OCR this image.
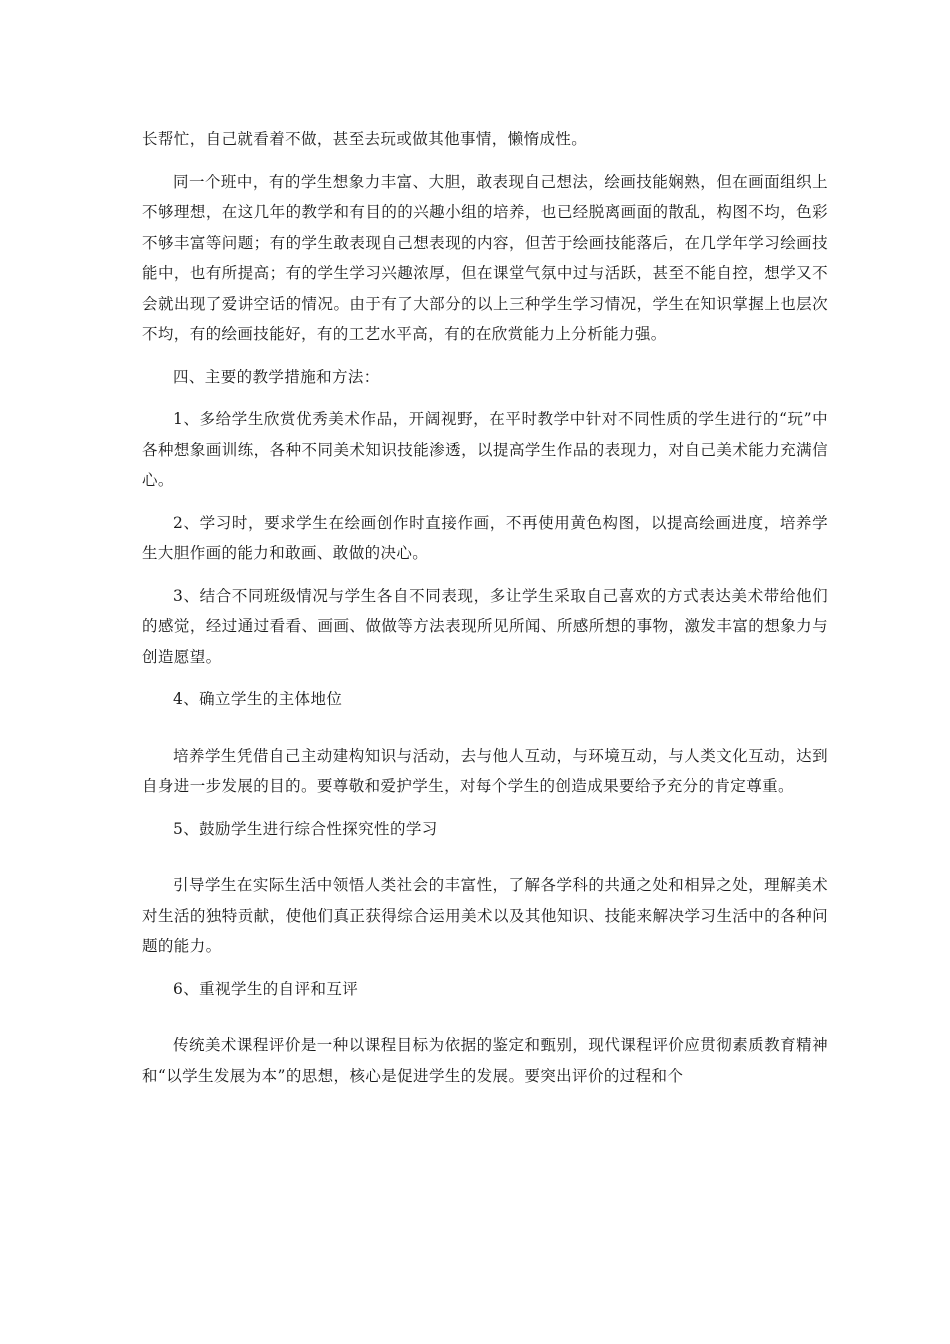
长帮忙，自己就看着不做，甚至去玩或做其他事情，懒惰成性。

同一个班中，有的学生想象力丰富、大胆，敢表现自己想法，绘画技能娴熟，但在画面组织上不够理想，在这几年的教学和有目的的兴趣小组的培养，也已经脱离画面的散乱，构图不均，色彩不够丰富等问题；有的学生敢表现自己想表现的内容，但苦于绘画技能落后，在几学年学习绘画技能中，也有所提高；有的学生学习兴趣浓厚，但在课堂气氛中过与活跃，甚至不能自控，想学又不会就出现了爱讲空话的情况。由于有了大部分的以上三种学生学习情况，学生在知识掌握上也层次不均，有的绘画技能好，有的工艺水平高，有的在欣赏能力上分析能力强。

四、主要的教学措施和方法：

1、多给学生欣赏优秀美术作品，开阔视野，在平时教学中针对不同性质的学生进行的“玩”中各种想象画训练，各种不同美术知识技能渗透，以提高学生作品的表现力，对自己美术能力充满信心。

2、学习时，要求学生在绘画创作时直接作画，不再使用黄色构图，以提高绘画进度，培养学生大胆作画的能力和敢画、敢做的决心。

3、结合不同班级情况与学生各自不同表现，多让学生采取自己喜欢的方式表达美术带给他们的感觉，经过通过看看、画画、做做等方法表现所见所闻、所感所想的事物，激发丰富的想象力与创造愿望。

4、确立学生的主体地位

培养学生凭借自己主动建构知识与活动，去与他人互动，与环境互动，与人类文化互动，达到自身进一步发展的目的。要尊敬和爱护学生，对每个学生的创造成果要给予充分的肯定尊重。

5、鼓励学生进行综合性探究性的学习

引导学生在实际生活中领悟人类社会的丰富性，了解各学科的共通之处和相异之处，理解美术对生活的独特贡献，使他们真正获得综合运用美术以及其他知识、技能来解决学习生活中的各种问题的能力。

6、重视学生的自评和互评

传统美术课程评价是一种以课程目标为依据的鉴定和甄别，现代课程评价应贯彻素质教育精神和“以学生发展为本”的思想，核心是促进学生的发展。要突出评价的过程和个
